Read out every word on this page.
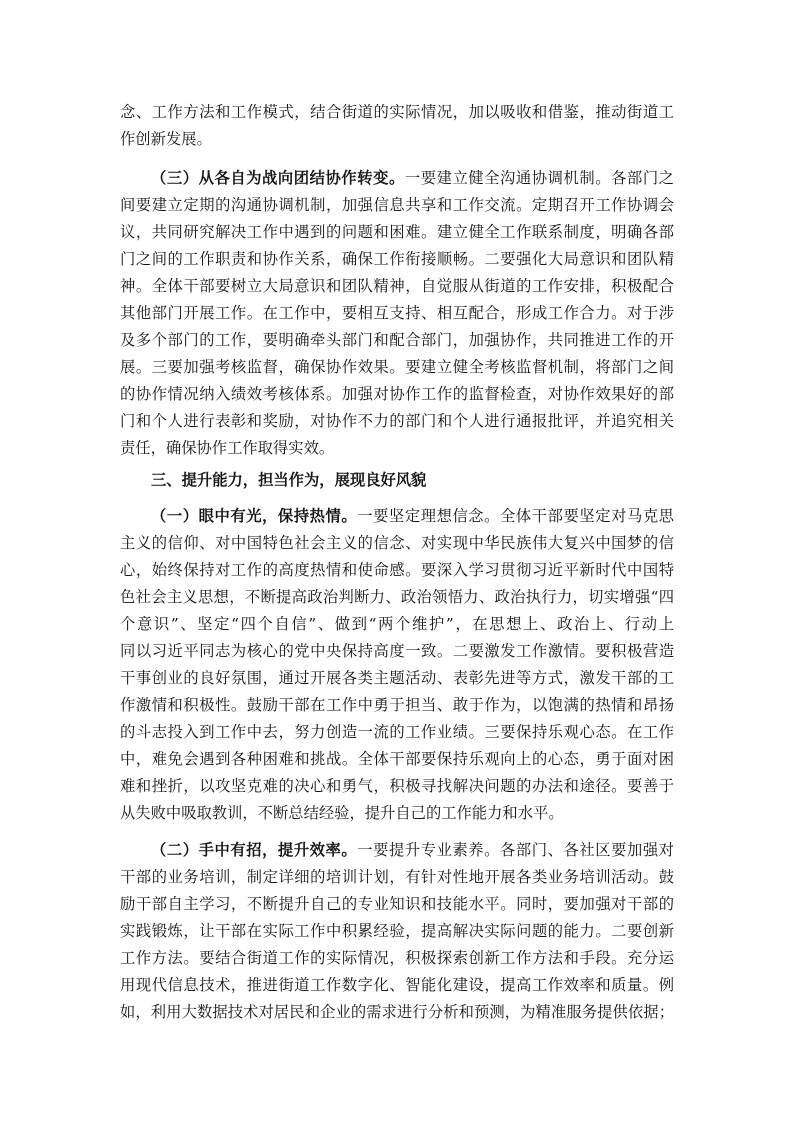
念、工作方法和工作模式，结合街道的实际情况，加以吸收和借鉴，推动街道工
作创新发展。
（三）从各自为战向团结协作转变。一要建立健全沟通协调机制。各部门之
间要建立定期的沟通协调机制，加强信息共享和工作交流。定期召开工作协调会
议，共同研究解决工作中遇到的问题和困难。建立健全工作联系制度，明确各部
门之间的工作职责和协作关系，确保工作衔接顺畅。二要强化大局意识和团队精
神。全体干部要树立大局意识和团队精神，自觉服从街道的工作安排，积极配合
其他部门开展工作。在工作中，要相互支持、相互配合，形成工作合力。对于涉
及多个部门的工作，要明确牵头部门和配合部门，加强协作，共同推进工作的开
展。三要加强考核监督，确保协作效果。要建立健全考核监督机制，将部门之间
的协作情况纳入绩效考核体系。加强对协作工作的监督检查，对协作效果好的部
门和个人进行表彰和奖励，对协作不力的部门和个人进行通报批评，并追究相关
责任，确保协作工作取得实效。
三、提升能力，担当作为，展现良好风貌
（一）眼中有光，保持热情。一要坚定理想信念。全体干部要坚定对马克思
主义的信仰、对中国特色社会主义的信念、对实现中华民族伟大复兴中国梦的信
心，始终保持对工作的高度热情和使命感。要深入学习贯彻习近平新时代中国特
色社会主义思想，不断提高政治判断力、政治领悟力、政治执行力，切实增强“四
个意识”、坚定“四个自信”、做到“两个维护”，在思想上、政治上、行动上
同以习近平同志为核心的党中央保持高度一致。二要激发工作激情。要积极营造
干事创业的良好氛围，通过开展各类主题活动、表彰先进等方式，激发干部的工
作激情和积极性。鼓励干部在工作中勇于担当、敢于作为，以饱满的热情和昂扬
的斗志投入到工作中去，努力创造一流的工作业绩。三要保持乐观心态。在工作
中，难免会遇到各种困难和挑战。全体干部要保持乐观向上的心态，勇于面对困
难和挫折，以攻坚克难的决心和勇气，积极寻找解决问题的办法和途径。要善于
从失败中吸取教训，不断总结经验，提升自己的工作能力和水平。
（二）手中有招，提升效率。一要提升专业素养。各部门、各社区要加强对
干部的业务培训，制定详细的培训计划，有针对性地开展各类业务培训活动。鼓
励干部自主学习，不断提升自己的专业知识和技能水平。同时，要加强对干部的
实践锻炼，让干部在实际工作中积累经验，提高解决实际问题的能力。二要创新
工作方法。要结合街道工作的实际情况，积极探索创新工作方法和手段。充分运
用现代信息技术，推进街道工作数字化、智能化建设，提高工作效率和质量。例
如，利用大数据技术对居民和企业的需求进行分析和预测，为精准服务提供依据；
